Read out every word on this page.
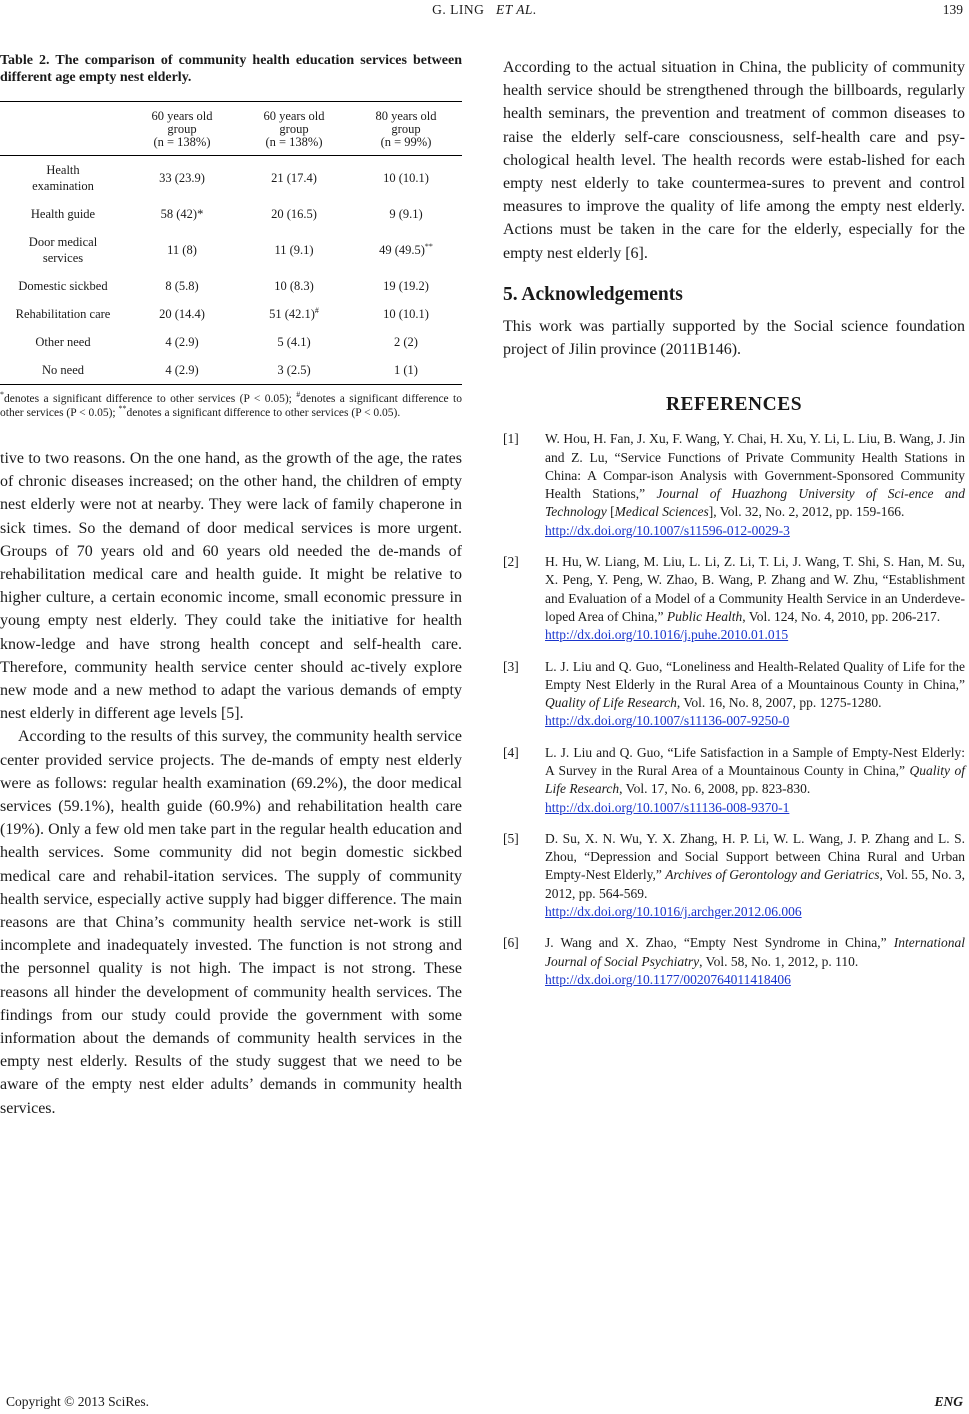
G. LING ET AL.	139
Table 2. The comparison of community health education services between different age empty nest elderly.
	60 years old
group
(n = 138%)	60 years old
group
(n = 138%)	80 years old
group
(n = 99%)
Health
examination	33 (23.9)	21 (17.4)	10 (10.1)
Health guide	58 (42)*	20 (16.5)	9 (9.1)
Door medical
services	11 (8)	11 (9.1)	49 (49.5)**
Domestic sickbed	8 (5.8)	10 (8.3)	19 (19.2)
Rehabilitation care	20 (14.4)	51 (42.1)#	10 (10.1)
Other need	4 (2.9)	5 (4.1)	2 (2)
No need	4 (2.9)	3 (2.5)	1 (1)
*denotes a significant difference to other services (P < 0.05); #denotes a significant difference to other services (P < 0.05); **denotes a significant difference to other services (P < 0.05).

tive to two reasons. On the one hand, as the growth of the age, the rates of chronic diseases increased; on the other hand, the children of empty nest elderly were not at nearby. They were lack of family chaperone in sick times. So the demand of door medical services is more urgent. Groups of 70 years old and 60 years old needed the de-mands of rehabilitation medical care and health guide. It might be relative to higher culture, a certain economic income, small economic pressure in young empty nest elderly. They could take the initiative for health know-ledge and have strong health concept and self-health care. Therefore, community health service center should ac-tively explore new mode and a new method to adapt the various demands of empty nest elderly in different age levels [5].

According to the results of this survey, the community health service center provided service projects. The de-mands of empty nest elderly were as follows: regular health examination (69.2%), the door medical services (59.1%), health guide (60.9%) and rehabilitation health care (19%). Only a few old men take part in the regular health education and health services. Some community did not begin domestic sickbed medical care and rehabil-itation services. The supply of community health service, especially active supply had bigger difference. The main reasons are that China’s community health service net-work is still incomplete and inadequately invested. The function is not strong and the personnel quality is not high. The impact is not strong. These reasons all hinder the development of community health services. The findings from our study could provide the government with some information about the demands of community health services in the empty nest elderly. Results of the study suggest that we need to be aware of the empty nest elder adults’ demands in community health services.

According to the actual situation in China, the publicity of community health service should be strengthened through the billboards, regularly health seminars, the prevention and treatment of common diseases to raise the elderly self-care consciousness, self-health care and psy-chological health level. The health records were estab-lished for each empty nest elderly to take countermea-sures to prevent and control measures to improve the quality of life among the empty nest elderly. Actions must be taken in the care for the elderly, especially for the empty nest elderly [6].

5. Acknowledgements

This work was partially supported by the Social science foundation project of Jilin province (2011B146).

REFERENCES
[1] W. Hou, H. Fan, J. Xu, F. Wang, Y. Chai, H. Xu, Y. Li, L. Liu, B. Wang, J. Jin and Z. Lu, “Service Functions of Private Community Health Stations in China: A Compar-ison Analysis with Government-Sponsored Community Health Stations,” Journal of Huazhong University of Sci-ence and Technology [Medical Sciences], Vol. 32, No. 2, 2012, pp. 159-166.
http://dx.doi.org/10.1007/s11596-012-0029-3
[2] H. Hu, W. Liang, M. Liu, L. Li, Z. Li, T. Li, J. Wang, T. Shi, S. Han, M. Su, X. Peng, Y. Peng, W. Zhao, B. Wang, P. Zhang and W. Zhu, “Establishment and Evaluation of a Model of a Community Health Service in an Underdeve-loped Area of China,” Public Health, Vol. 124, No. 4, 2010, pp. 206-217.
http://dx.doi.org/10.1016/j.puhe.2010.01.015
[3] L. J. Liu and Q. Guo, “Loneliness and Health-Related Quality of Life for the Empty Nest Elderly in the Rural Area of a Mountainous County in China,” Quality of Life Research, Vol. 16, No. 8, 2007, pp. 1275-1280.
http://dx.doi.org/10.1007/s11136-007-9250-0
[4] L. J. Liu and Q. Guo, “Life Satisfaction in a Sample of Empty-Nest Elderly: A Survey in the Rural Area of a Mountainous County in China,” Quality of Life Research, Vol. 17, No. 6, 2008, pp. 823-830.
http://dx.doi.org/10.1007/s11136-008-9370-1
[5] D. Su, X. N. Wu, Y. X. Zhang, H. P. Li, W. L. Wang, J. P. Zhang and L. S. Zhou, “Depression and Social Support between China Rural and Urban Empty-Nest Elderly,” Archives of Gerontology and Geriatrics, Vol. 55, No. 3, 2012, pp. 564-569.
http://dx.doi.org/10.1016/j.archger.2012.06.006
[6] J. Wang and X. Zhao, “Empty Nest Syndrome in China,” International Journal of Social Psychiatry, Vol. 58, No. 1, 2012, p. 110.
http://dx.doi.org/10.1177/0020764011418406
Copyright © 2013 SciRes.	ENG
